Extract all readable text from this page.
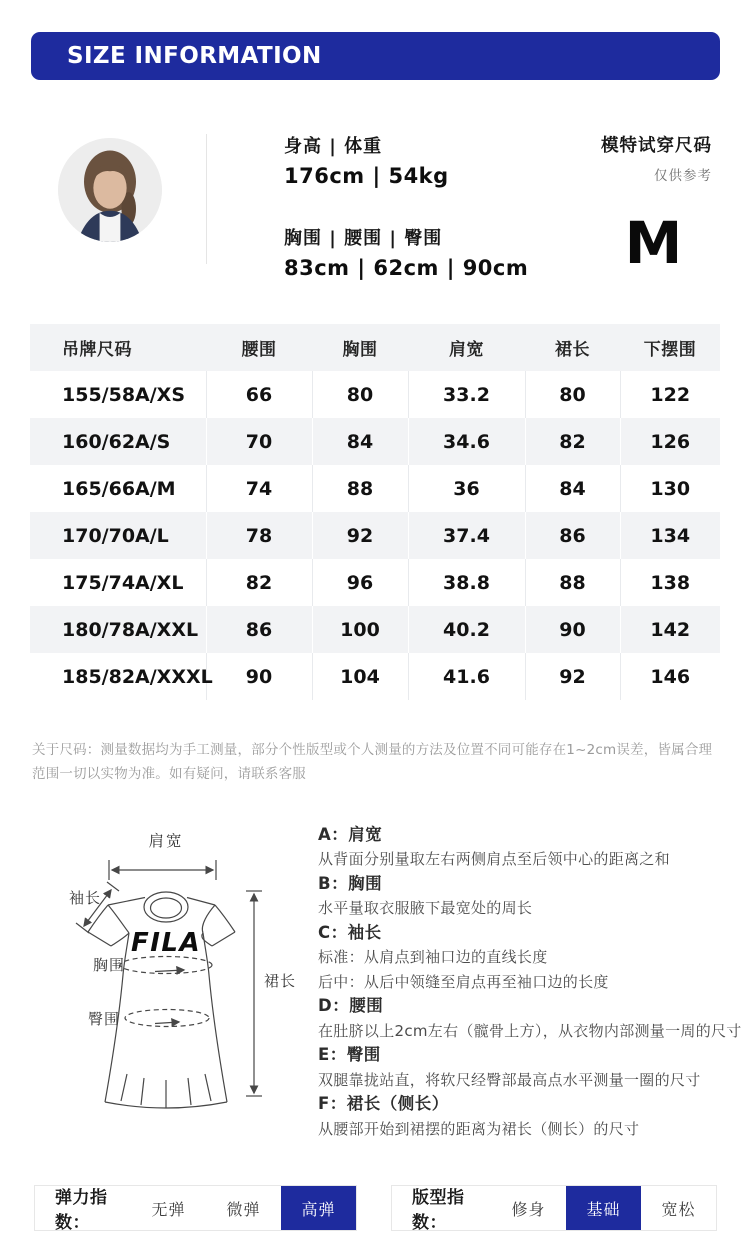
SIZE INFORMATION
身高 | 体重
176cm | 54kg
胸围 | 腰围 | 臀围
83cm | 62cm | 90cm
模特试穿尺码
仅供参考
M
吊牌尺码	腰围	胸围	肩宽	裙长	下摆围
155/58A/XS	66	80	33.2	80	122
160/62A/S	70	84	34.6	82	126
165/66A/M	74	88	36	84	130
170/70A/L	78	92	37.4	86	134
175/74A/XL	82	96	38.8	88	138
180/78A/XXL	86	100	40.2	90	142
185/82A/XXXL	90	104	41.6	92	146
关于尺码：测量数据均为手工测量，部分个性版型或个人测量的方法及位置不同可能存在1~2cm误差，皆属合理范围一切以实物为准。如有疑问，请联系客服
肩宽
袖长
胸围
臀围
裙长
FILA
A：肩宽
从背面分别量取左右两侧肩点至后领中心的距离之和
B：胸围
水平量取衣服腋下最宽处的周长
C：袖长
标准：从肩点到袖口边的直线长度
后中：从后中领缝至肩点再至袖口边的长度
D：腰围
在肚脐以上2cm左右（髋骨上方），从衣物内部测量一周的尺寸
E：臀围
双腿靠拢站直，将软尺经臀部最高点水平测量一圈的尺寸
F：裙长（侧长）
从腰部开始到裙摆的距离为裙长（侧长）的尺寸
弹力指数：
无弹	微弹	高弹
版型指数：
修身	基础	宽松
